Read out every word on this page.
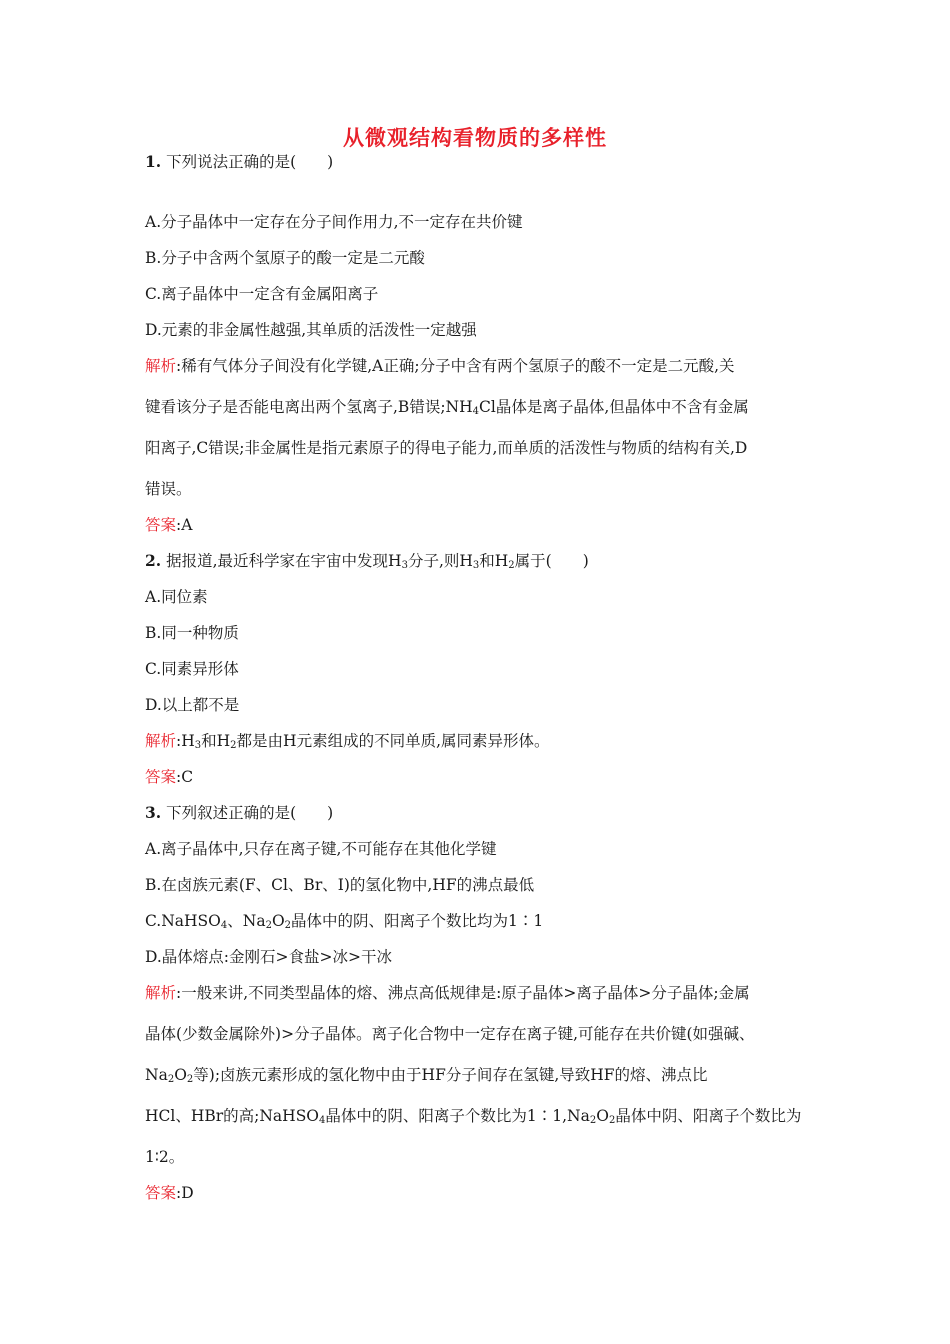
从微观结构看物质的多样性
1. 下列说法正确的是(　　)
A.分子晶体中一定存在分子间作用力,不一定存在共价键
B.分子中含两个氢原子的酸一定是二元酸
C.离子晶体中一定含有金属阳离子
D.元素的非金属性越强,其单质的活泼性一定越强
解析:稀有气体分子间没有化学键,A正确;分子中含有两个氢原子的酸不一定是二元酸,关
键看该分子是否能电离出两个氢离子,B错误$;NH_4Cl$晶体是离子晶体,但晶体中不含有金属
阳离子,C错误;非金属性是指元素原子的得电子能力,而单质的活泼性与物质的结构有关,D
错误。
答案:A
2. 据报道,最近科学家在宇宙中发现$H_3$分子,则$H_3$和$H_2$属于(　　)
A.同位素
B.同一种物质
C.同素异形体
D.以上都不是
解析$:H_3$和$H_2$都是由H元素组成的不同单质,属同素异形体。
答案:C
3. 下列叙述正确的是(　　)
A.离子晶体中,只存在离子键,不可能存在其他化学键
B.在卤族元素(F、Cl、Br、I)的氢化物中,HF的沸点最低
C.NaHSO$_4$、$Na_2O_2$晶体中的阴、阳离子个数比均为1∶1
D.晶体熔点:金刚石>食盐>冰>干冰
解析:一般来讲,不同类型晶体的熔、沸点高低规律是:原子晶体>离子晶体>分子晶体;金属
晶体(少数金属除外)>分子晶体。离子化合物中一定存在离子键,可能存在共价键(如强碱、
$Na_2O_2$等);卤族元素形成的氢化物中由于HF分子间存在氢键,导致HF的熔、沸点比
HCl、HBr的高;NaHSO$_4$晶体中的阴、阳离子个数比为$1∶1,Na_2O_2$晶体中阴、阳离子个数比为
1∶2。
答案:D
